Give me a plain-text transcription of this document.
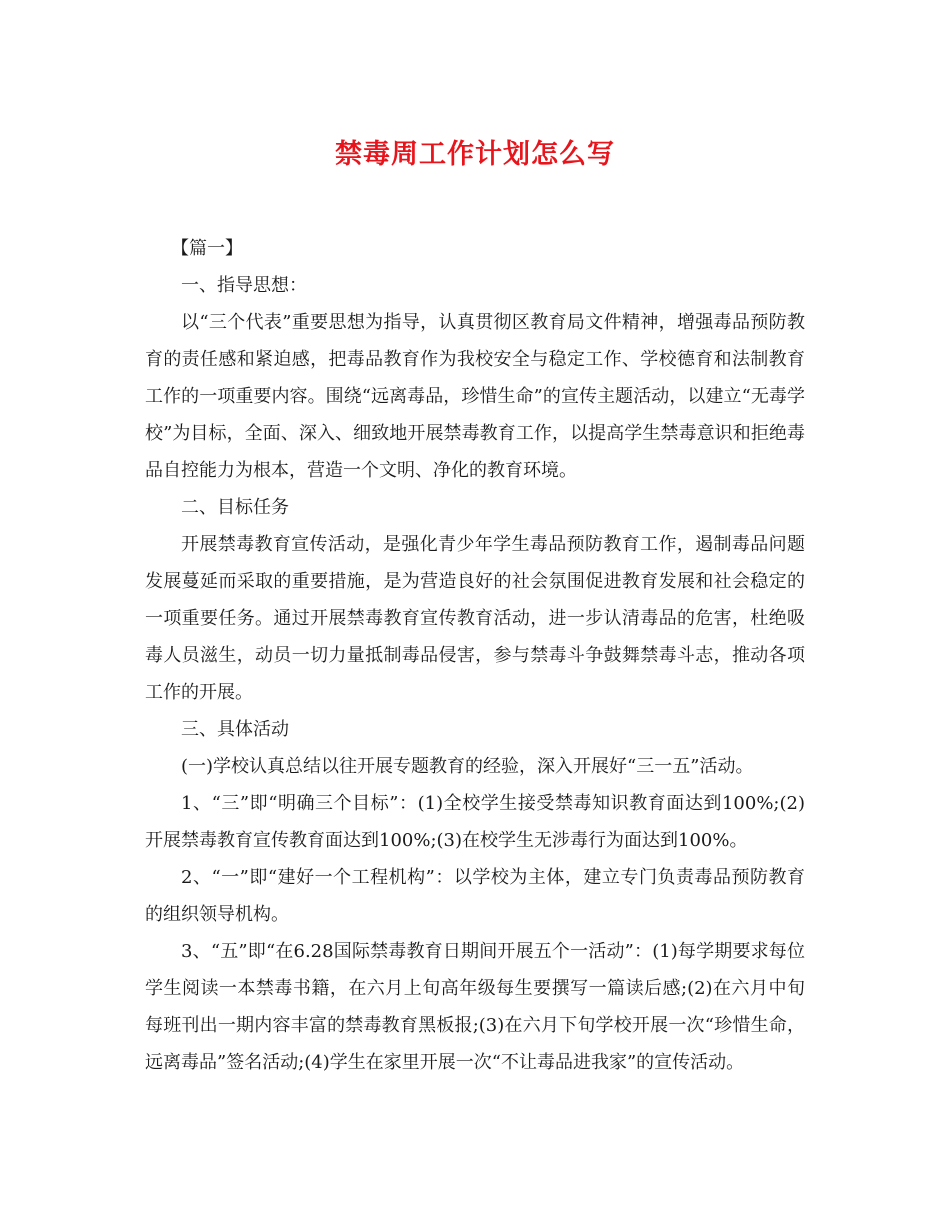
禁毒周工作计划怎么写

【篇一】

一、指导思想：

以“三个代表”重要思想为指导，认真贯彻区教育局文件精神，增强毒品预防教育的责任感和紧迫感，把毒品教育作为我校安全与稳定工作、学校德育和法制教育工作的一项重要内容。围绕“远离毒品，珍惜生命”的宣传主题活动，以建立“无毒学校”为目标，全面、深入、细致地开展禁毒教育工作，以提高学生禁毒意识和拒绝毒品自控能力为根本，营造一个文明、净化的教育环境。

二、目标任务

开展禁毒教育宣传活动，是强化青少年学生毒品预防教育工作，遏制毒品问题发展蔓延而采取的重要措施，是为营造良好的社会氛围促进教育发展和社会稳定的一项重要任务。通过开展禁毒教育宣传教育活动，进一步认清毒品的危害，杜绝吸毒人员滋生，动员一切力量抵制毒品侵害，参与禁毒斗争鼓舞禁毒斗志，推动各项工作的开展。

三、具体活动

(一)学校认真总结以往开展专题教育的经验，深入开展好“三一五”活动。

1、“三”即“明确三个目标”：(1)全校学生接受禁毒知识教育面达到100%;(2)开展禁毒教育宣传教育面达到100%;(3)在校学生无涉毒行为面达到100%。

2、“一”即“建好一个工程机构”：以学校为主体，建立专门负责毒品预防教育的组织领导机构。

3、“五”即“在6.28国际禁毒教育日期间开展五个一活动”：(1)每学期要求每位学生阅读一本禁毒书籍，在六月上旬高年级每生要撰写一篇读后感;(2)在六月中旬每班刊出一期内容丰富的禁毒教育黑板报;(3)在六月下旬学校开展一次“珍惜生命，远离毒品”签名活动;(4)学生在家里开展一次“不让毒品进我家”的宣传活动。
